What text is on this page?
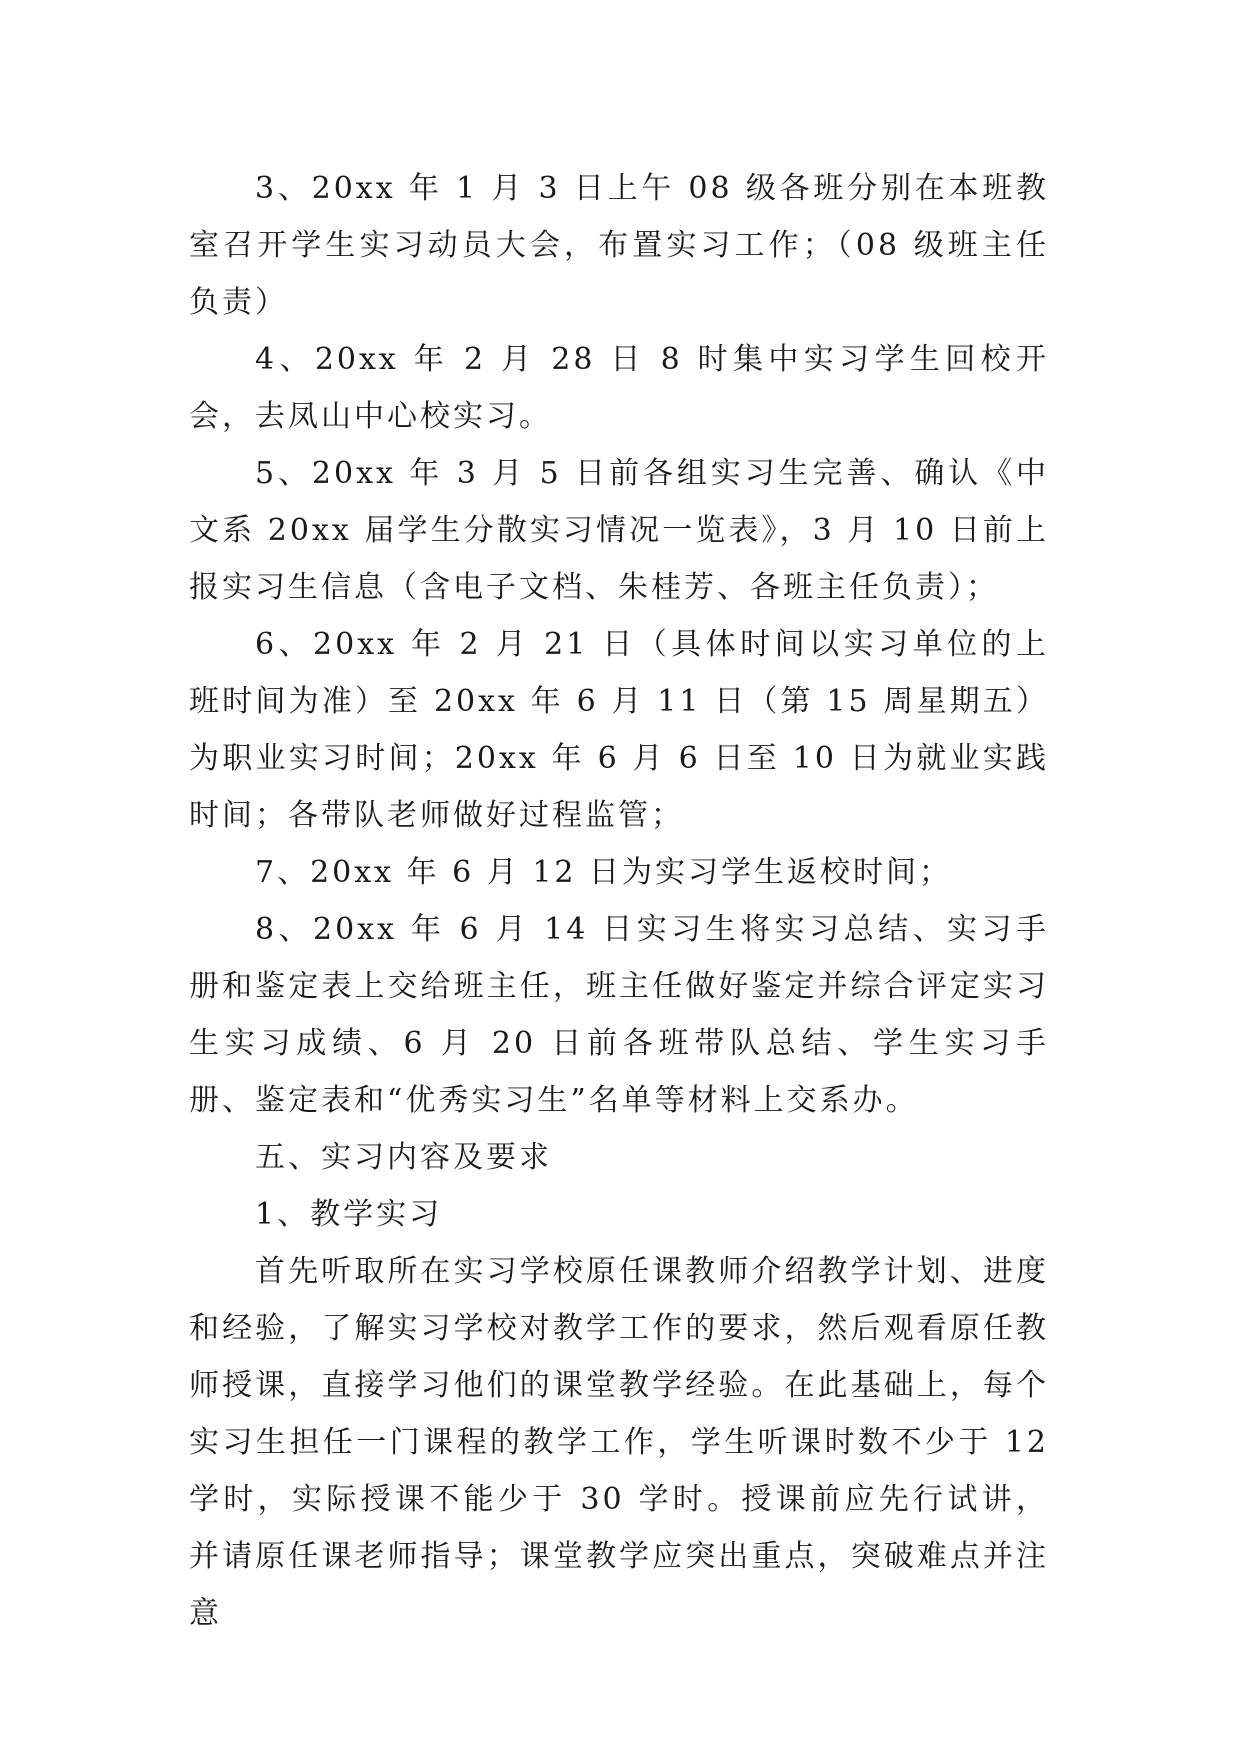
3、20xx 年 1 月 3 日上午 08 级各班分别在本班教室召开学生实习动员大会，布置实习工作；（08 级班主任负责）

4、20xx 年 2 月 28 日 8 时集中实习学生回校开会，去凤山中心校实习。

5、20xx 年 3 月 5 日前各组实习生完善、确认《中文系 20xx 届学生分散实习情况一览表》，3 月 10 日前上报实习生信息（含电子文档、朱桂芳、各班主任负责）；

6、20xx 年 2 月 21 日（具体时间以实习单位的上班时间为准）至 20xx 年 6 月 11 日（第 15 周星期五）为职业实习时间；20xx 年 6 月 6 日至 10 日为就业实践时间；各带队老师做好过程监管；

7、20xx 年 6 月 12 日为实习学生返校时间；

8、20xx 年 6 月 14 日实习生将实习总结、实习手册和鉴定表上交给班主任，班主任做好鉴定并综合评定实习生实习成绩、6 月 20 日前各班带队总结、学生实习手册、鉴定表和“优秀实习生”名单等材料上交系办。

五、实习内容及要求

1、教学实习

首先听取所在实习学校原任课教师介绍教学计划、进度和经验，了解实习学校对教学工作的要求，然后观看原任教师授课，直接学习他们的课堂教学经验。在此基础上，每个实习生担任一门课程的教学工作，学生听课时数不少于 12 学时，实际授课不能少于 30 学时。授课前应先行试讲，并请原任课老师指导；课堂教学应突出重点，突破难点并注意
